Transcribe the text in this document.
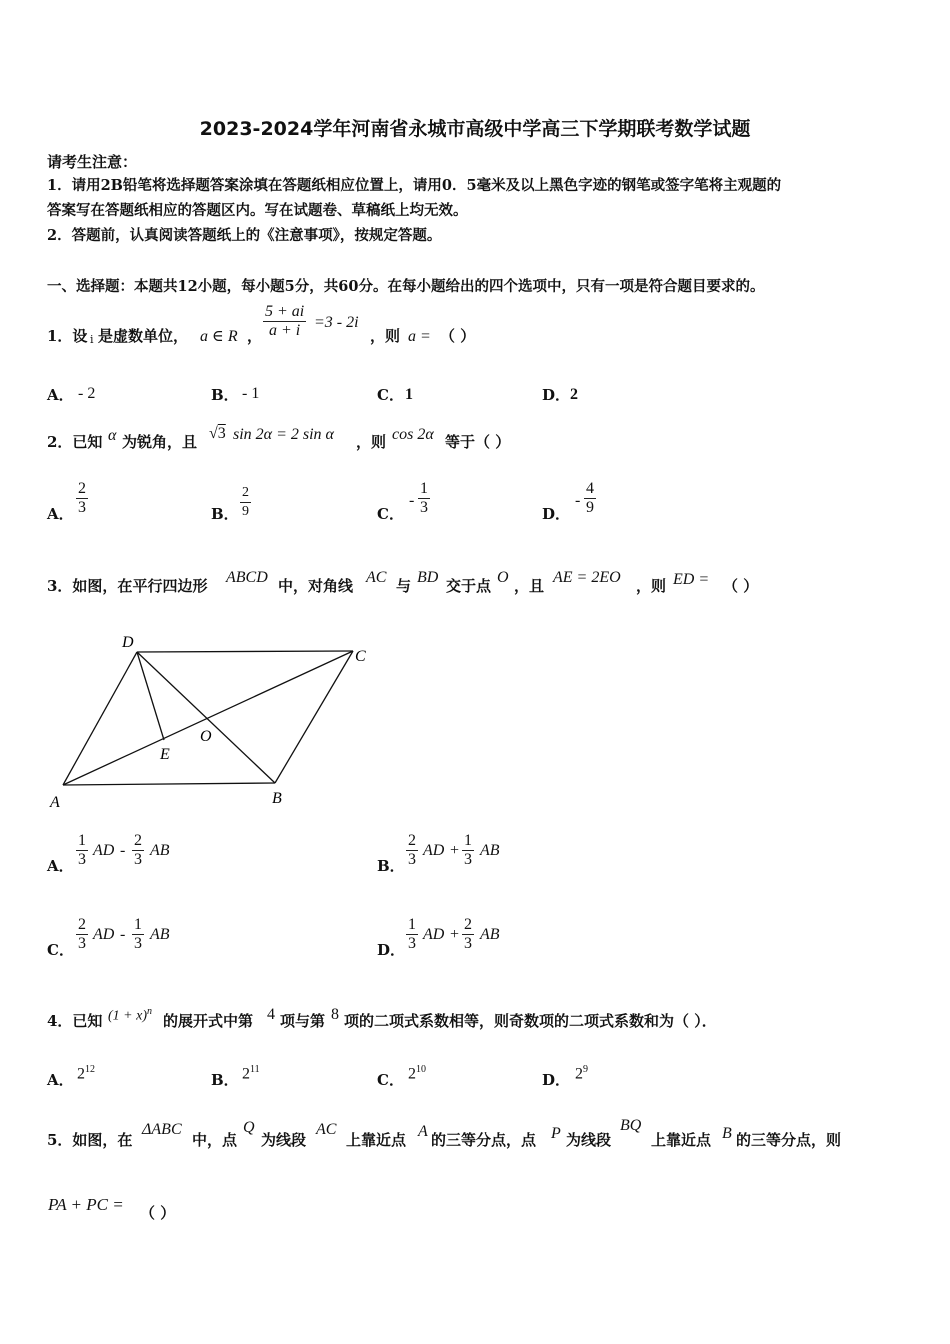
2023-2024学年河南省永城市高级中学高三下学期联考数学试题
请考生注意：
1．请用2B铅笔将选择题答案涂填在答题纸相应位置上，请用0．5毫米及以上黑色字迹的钢笔或签字笔将主观题的
答案写在答题纸相应的答题区内。写在试题卷、草稿纸上均无效。
2．答题前，认真阅读答题纸上的《注意事项》，按规定答题。
一、选择题：本题共12小题，每小题5分，共60分。在每小题给出的四个选项中，只有一项是符合题目要求的。
1．设 i 是虚数单位， a ∈ R ， $\frac{5 + ai}{a + i} =3 - 2i$
，则 a = （ ）
A． - 2	B． - 1	C． 1	D． 2
2．已知 α 为锐角，且 √3 sin 2α = 2 sin α ，则 cos 2α 等于（ ）
A． $\frac{2}{3}$	B． $\frac{2}{9}$	C．
- $\frac{1}{3}$	D．
- $\frac{4}{9}$
3．如图，在平行四边形 ABCD 中，对角线 AC 与 BD 交于点 O ，且 AE = 2EO ，则 ED = （ ）
A	B
C
D
E
O
A． $\frac{1}{3}$ AD - $\frac{2}{3}$ AB
B． $\frac{2}{3}$ AD + $\frac{1}{3}$ AB
C． $\frac{2}{3}$ AD - $\frac{1}{3}$ AB
D． $\frac{1}{3}$ AD + $\frac{2}{3}$ AB
4．已知 $(1 + x)^n$
的展开式中第 4 项与第 8 项的二项式系数相等，则奇数项的二项式系数和为（ ）．
A． $2^{12}$
B． $2^{11}$
C． $2^{10}$
D． $2^9$
5．如图，在
ΔABC
中，点
Q
为线段
AC
上靠近点 A 的三等分点，点 P 为线段
BQ
上靠近点 B 的三等分点，则
PA + PC = （ ）
